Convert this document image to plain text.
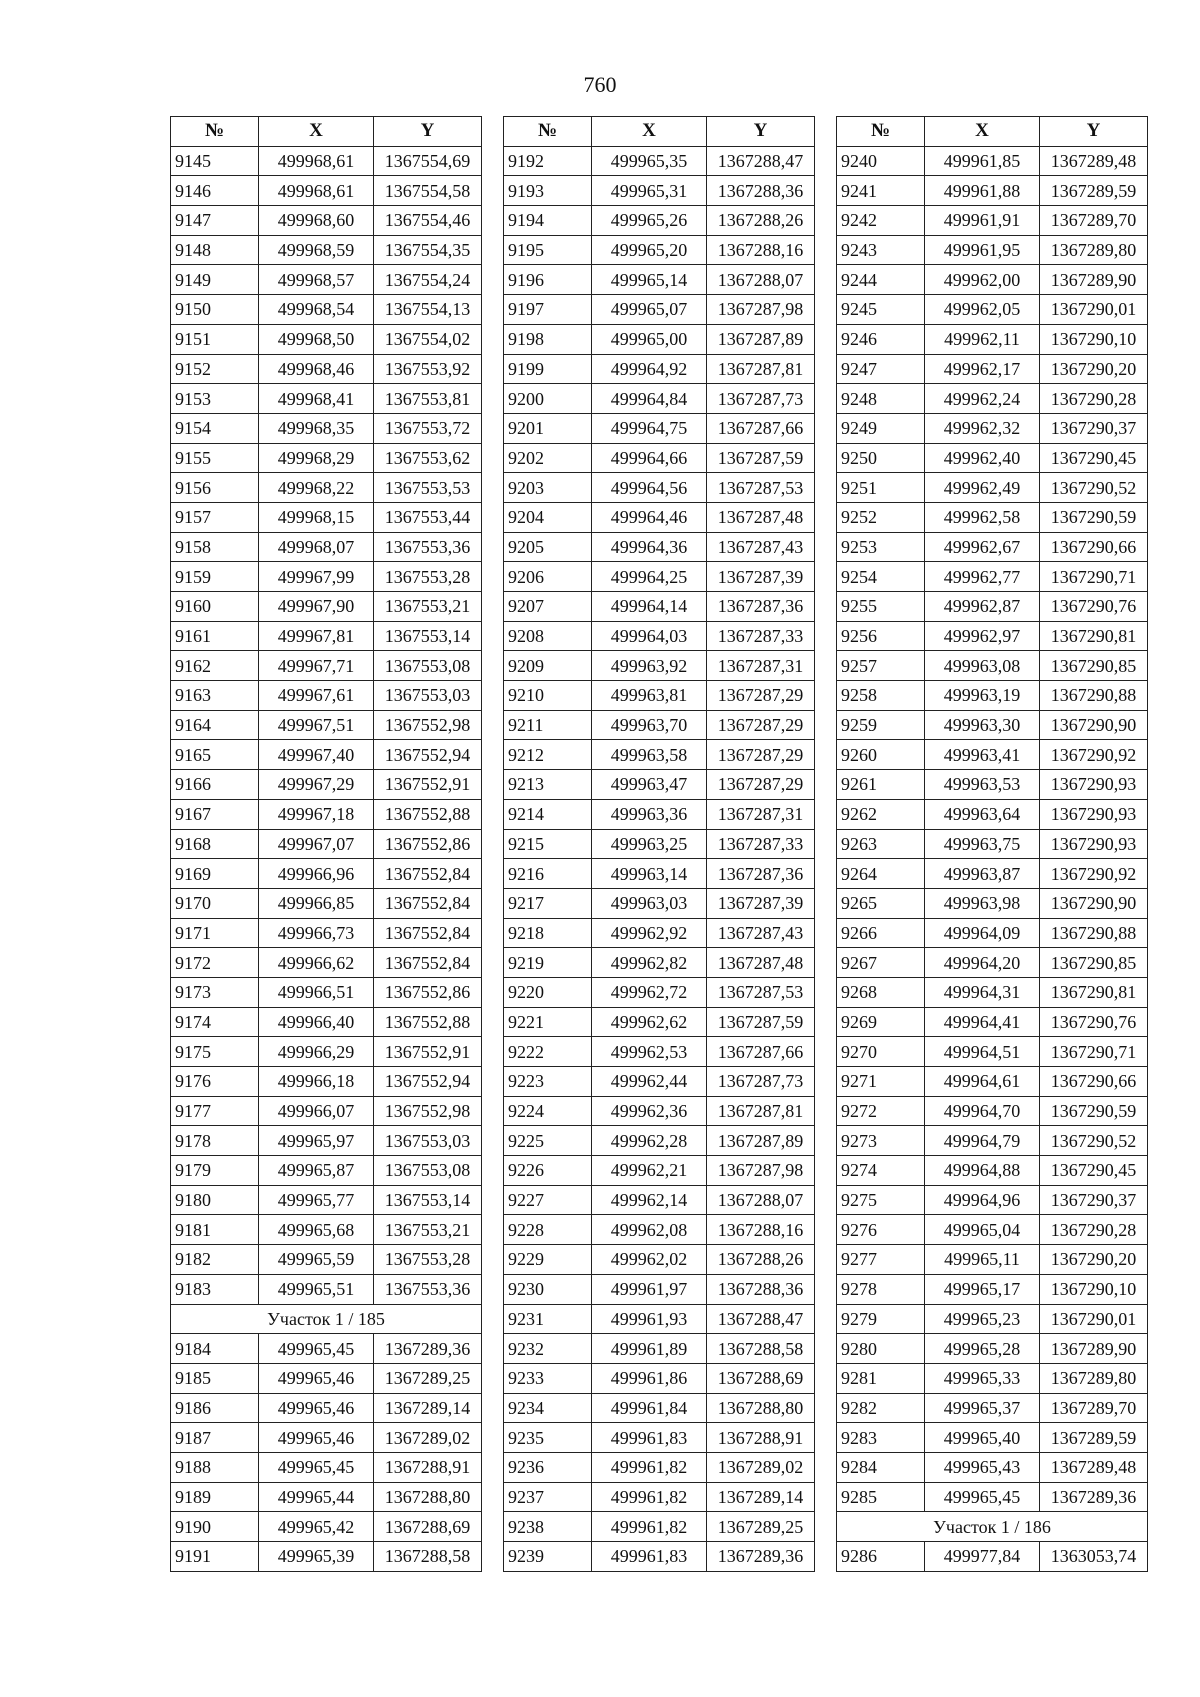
760
№	X	Y
9145	499968,61	1367554,69
9146	499968,61	1367554,58
9147	499968,60	1367554,46
9148	499968,59	1367554,35
9149	499968,57	1367554,24
9150	499968,54	1367554,13
9151	499968,50	1367554,02
9152	499968,46	1367553,92
9153	499968,41	1367553,81
9154	499968,35	1367553,72
9155	499968,29	1367553,62
9156	499968,22	1367553,53
9157	499968,15	1367553,44
9158	499968,07	1367553,36
9159	499967,99	1367553,28
9160	499967,90	1367553,21
9161	499967,81	1367553,14
9162	499967,71	1367553,08
9163	499967,61	1367553,03
9164	499967,51	1367552,98
9165	499967,40	1367552,94
9166	499967,29	1367552,91
9167	499967,18	1367552,88
9168	499967,07	1367552,86
9169	499966,96	1367552,84
9170	499966,85	1367552,84
9171	499966,73	1367552,84
9172	499966,62	1367552,84
9173	499966,51	1367552,86
9174	499966,40	1367552,88
9175	499966,29	1367552,91
9176	499966,18	1367552,94
9177	499966,07	1367552,98
9178	499965,97	1367553,03
9179	499965,87	1367553,08
9180	499965,77	1367553,14
9181	499965,68	1367553,21
9182	499965,59	1367553,28
9183	499965,51	1367553,36
Участок 1 / 185		
9184	499965,45	1367289,36
9185	499965,46	1367289,25
9186	499965,46	1367289,14
9187	499965,46	1367289,02
9188	499965,45	1367288,91
9189	499965,44	1367288,80
9190	499965,42	1367288,69
9191	499965,39	1367288,58
№	X	Y
9192	499965,35	1367288,47
9193	499965,31	1367288,36
9194	499965,26	1367288,26
9195	499965,20	1367288,16
9196	499965,14	1367288,07
9197	499965,07	1367287,98
9198	499965,00	1367287,89
9199	499964,92	1367287,81
9200	499964,84	1367287,73
9201	499964,75	1367287,66
9202	499964,66	1367287,59
9203	499964,56	1367287,53
9204	499964,46	1367287,48
9205	499964,36	1367287,43
9206	499964,25	1367287,39
9207	499964,14	1367287,36
9208	499964,03	1367287,33
9209	499963,92	1367287,31
9210	499963,81	1367287,29
9211	499963,70	1367287,29
9212	499963,58	1367287,29
9213	499963,47	1367287,29
9214	499963,36	1367287,31
9215	499963,25	1367287,33
9216	499963,14	1367287,36
9217	499963,03	1367287,39
9218	499962,92	1367287,43
9219	499962,82	1367287,48
9220	499962,72	1367287,53
9221	499962,62	1367287,59
9222	499962,53	1367287,66
9223	499962,44	1367287,73
9224	499962,36	1367287,81
9225	499962,28	1367287,89
9226	499962,21	1367287,98
9227	499962,14	1367288,07
9228	499962,08	1367288,16
9229	499962,02	1367288,26
9230	499961,97	1367288,36
9231	499961,93	1367288,47
9232	499961,89	1367288,58
9233	499961,86	1367288,69
9234	499961,84	1367288,80
9235	499961,83	1367288,91
9236	499961,82	1367289,02
9237	499961,82	1367289,14
9238	499961,82	1367289,25
9239	499961,83	1367289,36
№	X	Y
9240	499961,85	1367289,48
9241	499961,88	1367289,59
9242	499961,91	1367289,70
9243	499961,95	1367289,80
9244	499962,00	1367289,90
9245	499962,05	1367290,01
9246	499962,11	1367290,10
9247	499962,17	1367290,20
9248	499962,24	1367290,28
9249	499962,32	1367290,37
9250	499962,40	1367290,45
9251	499962,49	1367290,52
9252	499962,58	1367290,59
9253	499962,67	1367290,66
9254	499962,77	1367290,71
9255	499962,87	1367290,76
9256	499962,97	1367290,81
9257	499963,08	1367290,85
9258	499963,19	1367290,88
9259	499963,30	1367290,90
9260	499963,41	1367290,92
9261	499963,53	1367290,93
9262	499963,64	1367290,93
9263	499963,75	1367290,93
9264	499963,87	1367290,92
9265	499963,98	1367290,90
9266	499964,09	1367290,88
9267	499964,20	1367290,85
9268	499964,31	1367290,81
9269	499964,41	1367290,76
9270	499964,51	1367290,71
9271	499964,61	1367290,66
9272	499964,70	1367290,59
9273	499964,79	1367290,52
9274	499964,88	1367290,45
9275	499964,96	1367290,37
9276	499965,04	1367290,28
9277	499965,11	1367290,20
9278	499965,17	1367290,10
9279	499965,23	1367290,01
9280	499965,28	1367289,90
9281	499965,33	1367289,80
9282	499965,37	1367289,70
9283	499965,40	1367289,59
9284	499965,43	1367289,48
9285	499965,45	1367289,36
Участок 1 / 186		
9286	499977,84	1363053,74
